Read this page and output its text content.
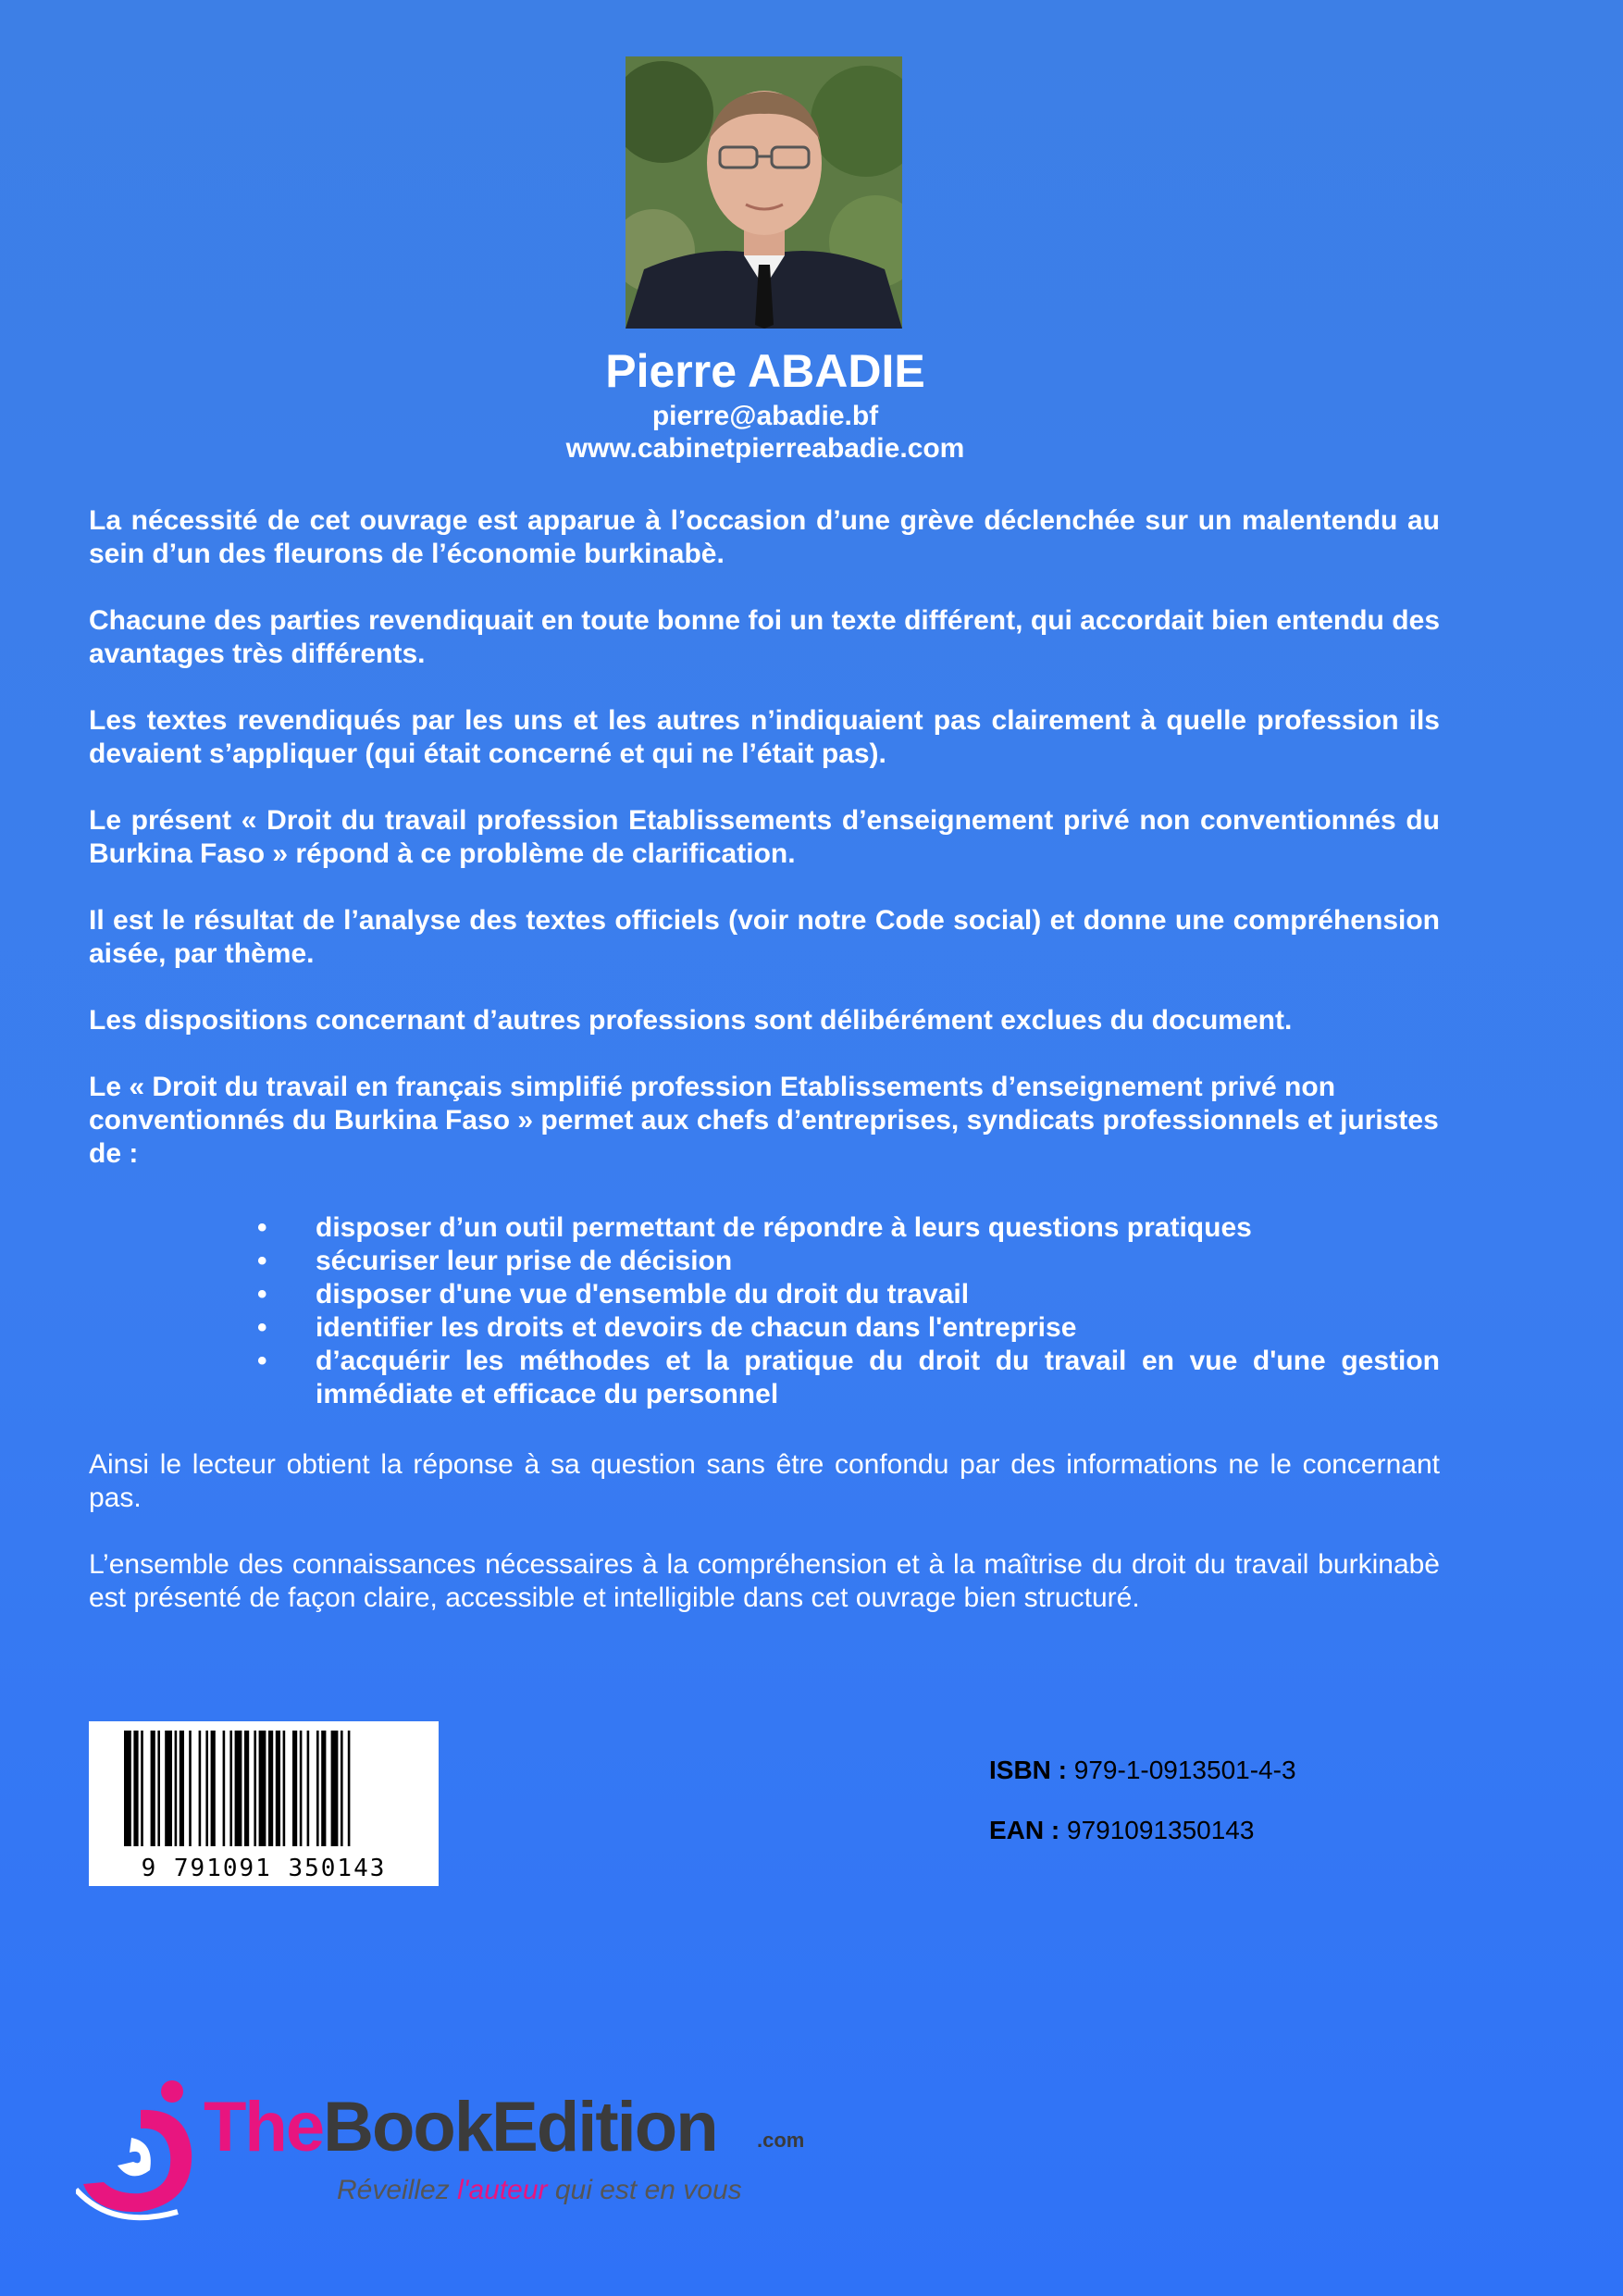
Pierre ABADIE
pierre@abadie.bf
www.cabinetpierreabadie.com

La nécessité de cet ouvrage est apparue à l’occasion d’une grève déclenchée sur un malentendu au sein d’un des fleurons de l’économie burkinabè.

Chacune des parties revendiquait en toute bonne foi un texte différent, qui accordait bien entendu des avantages très différents.

Les textes revendiqués par les uns et les autres n’indiquaient pas clairement à quelle profession ils devaient s’appliquer (qui était concerné et qui ne l’était pas).

Le présent « Droit du travail profession Etablissements d’enseignement privé non conventionnés du Burkina Faso » répond à ce problème de clarification.

Il est le résultat de l’analyse des textes officiels (voir notre Code social) et donne une compréhension aisée, par thème.

Les dispositions concernant d’autres professions sont délibérément exclues du document.

Le « Droit du travail en français simplifié profession Etablissements d’enseignement privé non conventionnés du Burkina Faso » permet aux chefs d’entreprises, syndicats professionnels et juristes de :

• disposer d’un outil permettant de répondre à leurs questions pratiques
• sécuriser leur prise de décision
• disposer d'une vue d'ensemble du droit du travail
• identifier les droits et devoirs de chacun dans l'entreprise
• d’acquérir les méthodes et la pratique du droit du travail en vue d'une gestion immédiate et efficace du personnel

Ainsi le lecteur obtient la réponse à sa question sans être confondu par des informations ne le concernant pas.

L’ensemble des connaissances nécessaires à la compréhension et à la maîtrise du droit du travail burkinabè est présenté de façon claire, accessible et intelligible dans cet ouvrage bien structuré.

9 791091 350143
ISBN : 979-1-0913501-4-3
EAN : 9791091350143
TheBookEdition .com
Réveillez l'auteur qui est en vous
